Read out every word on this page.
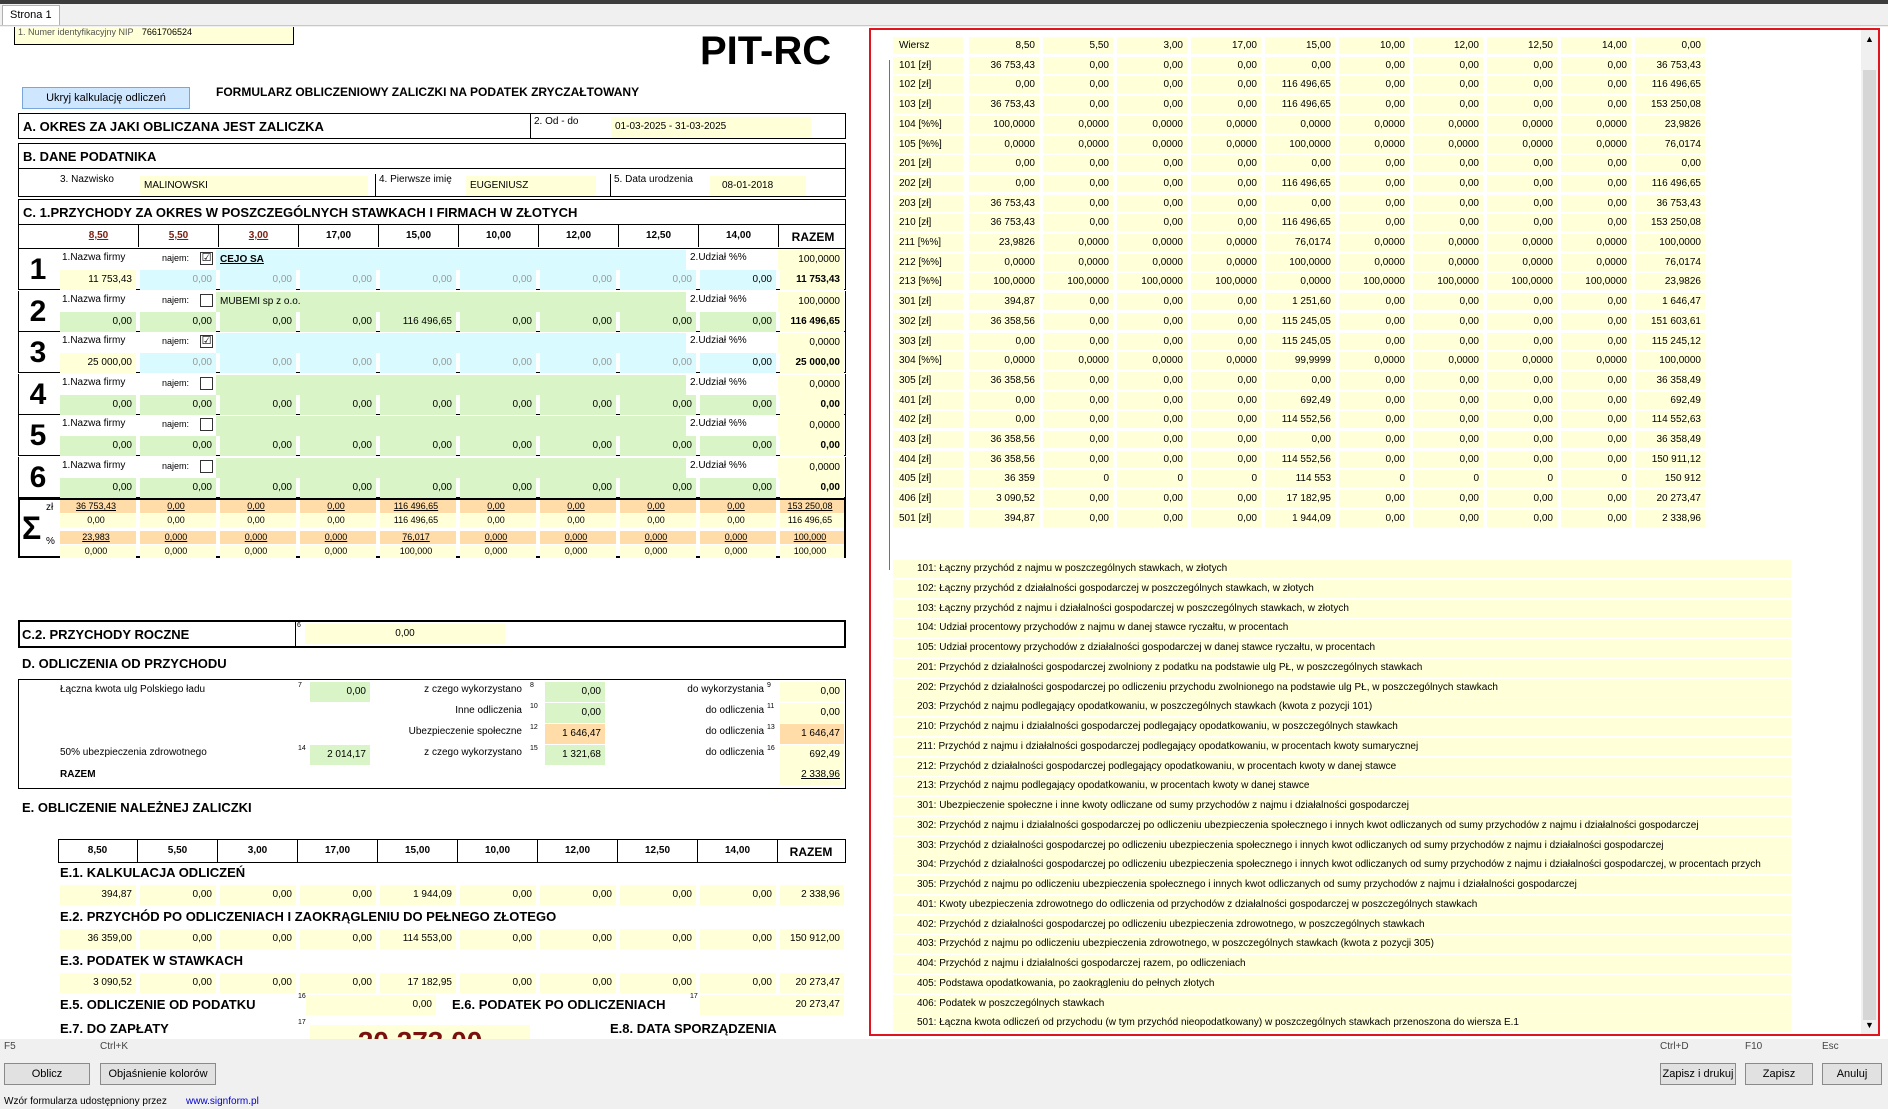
Strona 1
1. Numer identyfikacyjny NIP 7661706524	PIT-RC
Ukryj kalkulację odliczeń	FORMULARZ OBLICZENIOWY ZALICZKI NA PODATEK ZRYCZAŁTOWANY
A. OKRES ZA JAKI OBLICZANA JEST ZALICZKA	2. Od - do	01-03-2025 - 31-03-2025
B. DANE PODATNIKA
3. Nazwisko
MALINOWSKI
4. Pierwsze imię
EUGENIUSZ
5. Data urodzenia
08-01-2018
C. 1.PRZYCHODY ZA OKRES W POSZCZEGÓLNYCH STAWKACH I FIRMACH W ZŁOTYCH
8,50	5,50	3,00	17,00	15,00	10,00	12,00	12,50	14,00	RAZEM
C.2. PRZYCHODY ROCZNE
6
0,00
D. ODLICZENIA OD PRZYCHODU
E. OBLICZENIE NALEŻNEJ ZALICZKI
1	1.Nazwa firmy	najem: ☑ CEJO SA	2.Udział %%	100,0000
11 753,43	0,00	0,00	0,00	0,00	0,00	0,00	0,00	0,00	11 753,43
2	1.Nazwa firmy	najem:	MUBEMI sp z o.o.	2.Udział %%	100,0000
0,00	0,00	0,00	0,00	116 496,65	0,00	0,00	0,00	0,00	116 496,65
3	1.Nazwa firmy	najem: ☑	2.Udział %%	0,0000
25 000,00	0,00	0,00	0,00	0,00	0,00	0,00	0,00	0,00	25 000,00
4	1.Nazwa firmy	najem:	2.Udział %%	0,0000
0,00	0,00	0,00	0,00	0,00	0,00	0,00	0,00	0,00	0,00
5	1.Nazwa firmy	najem:	2.Udział %%	0,0000
0,00	0,00	0,00	0,00	0,00	0,00	0,00	0,00	0,00	0,00
6	1.Nazwa firmy	najem:	2.Udział %%	0,0000
0,00	0,00	0,00	0,00	0,00	0,00	0,00	0,00	0,00	0,00
Σ
zł
%
36 753,43	0,00	0,00	0,00	116 496,65	0,00	0,00	0,00	0,00	153 250,08
0,00	0,00	0,00	0,00	116 496,65	0,00	0,00	0,00	0,00	116 496,65
23,983	0,000	0,000	0,000	76,017	0,000	0,000	0,000	0,000	100,000
0,000	0,000	0,000	0,000	100,000	0,000	0,000	0,000	0,000	100,000
Łączna kwota ulg Polskiego ładu	7
0,00	z czego wykorzystano 8
0,00	do wykorzystania 9
0,00
Inne odliczenia 10
0,00	do odliczenia 11
0,00
Ubezpieczenie społeczne 12
1 646,47	do odliczenia 13
1 646,47
50% ubezpieczenia zdrowotnego	14
2 014,17	z czego wykorzystano 15
1 321,68	do odliczenia 16
692,49
RAZEM	2 338,96
8,50	5,50	3,00	17,00	15,00	10,00	12,00	12,50	14,00	RAZEM
E.1. KALKULACJA ODLICZEŃ
394,87	0,00	0,00	0,00	1 944,09	0,00	0,00	0,00	0,00	2 338,96
E.2. PRZYCHÓD PO ODLICZENIACH I ZAOKRĄGLENIU DO PEŁNEGO ZŁOTEGO
36 359,00	0,00	0,00	0,00	114 553,00	0,00	0,00	0,00	0,00	150 912,00
E.3. PODATEK W STAWKACH
3 090,52	0,00	0,00	0,00	17 182,95	0,00	0,00	0,00	0,00	20 273,47
E.5. ODLICZENIE OD PODATKU
16
0,00	E.6. PODATEK PO ODLICZENIACH
17
20 273,47
E.7. DO ZAPŁATY	17	E.8. DATA SPORZĄDZENIA
Wiersz	8,50	5,50	3,00	17,00	15,00	10,00	12,00	12,50	14,00	0,00
101 [zł]	36 753,43	0,00	0,00	0,00	0,00	0,00	0,00	0,00	0,00	36 753,43
102 [zł]	0,00	0,00	0,00	0,00	116 496,65	0,00	0,00	0,00	0,00	116 496,65
103 [zł]	36 753,43	0,00	0,00	0,00	116 496,65	0,00	0,00	0,00	0,00	153 250,08
104 [%%]	100,0000	0,0000	0,0000	0,0000	0,0000	0,0000	0,0000	0,0000	0,0000	23,9826
105 [%%]	0,0000	0,0000	0,0000	0,0000	100,0000	0,0000	0,0000	0,0000	0,0000	76,0174
201 [zł]	0,00	0,00	0,00	0,00	0,00	0,00	0,00	0,00	0,00	0,00
202 [zł]	0,00	0,00	0,00	0,00	116 496,65	0,00	0,00	0,00	0,00	116 496,65
203 [zł]	36 753,43	0,00	0,00	0,00	0,00	0,00	0,00	0,00	0,00	36 753,43
210 [zł]	36 753,43	0,00	0,00	0,00	116 496,65	0,00	0,00	0,00	0,00	153 250,08
211 [%%]	23,9826	0,0000	0,0000	0,0000	76,0174	0,0000	0,0000	0,0000	0,0000	100,0000
212 [%%]	0,0000	0,0000	0,0000	0,0000	100,0000	0,0000	0,0000	0,0000	0,0000	76,0174
213 [%%]	100,0000	100,0000	100,0000	100,0000	0,0000	100,0000	100,0000	100,0000	100,0000	23,9826
301 [zł]	394,87	0,00	0,00	0,00	1 251,60	0,00	0,00	0,00	0,00	1 646,47
302 [zł]	36 358,56	0,00	0,00	0,00	115 245,05	0,00	0,00	0,00	0,00	151 603,61
303 [zł]	0,00	0,00	0,00	0,00	115 245,05	0,00	0,00	0,00	0,00	115 245,12
304 [%%]	0,0000	0,0000	0,0000	0,0000	99,9999	0,0000	0,0000	0,0000	0,0000	100,0000
305 [zł]	36 358,56	0,00	0,00	0,00	0,00	0,00	0,00	0,00	0,00	36 358,49
401 [zł]	0,00	0,00	0,00	0,00	692,49	0,00	0,00	0,00	0,00	692,49
402 [zł]	0,00	0,00	0,00	0,00	114 552,56	0,00	0,00	0,00	0,00	114 552,63
403 [zł]	36 358,56	0,00	0,00	0,00	0,00	0,00	0,00	0,00	0,00	36 358,49
404 [zł]	36 358,56	0,00	0,00	0,00	114 552,56	0,00	0,00	0,00	0,00	150 911,12
405 [zł]	36 359	0	0	0	114 553	0	0	0	0	150 912
406 [zł]	3 090,52	0,00	0,00	0,00	17 182,95	0,00	0,00	0,00	0,00	20 273,47
501 [zł]	394,87	0,00	0,00	0,00	1 944,09	0,00	0,00	0,00	0,00	2 338,96
101: Łączny przychód z najmu w poszczególnych stawkach, w złotych
102: Łączny przychód z działalności gospodarczej w poszczególnych stawkach, w złotych
103: Łączny przychód z najmu i działalności gospodarczej w poszczególnych stawkach, w złotych
104: Udział procentowy przychodów z najmu w danej stawce ryczałtu, w procentach
105: Udział procentowy przychodów z działalności gospodarczej w danej stawce ryczałtu, w procentach
201: Przychód z działalności gospodarczej zwolniony z podatku na podstawie ulg PŁ, w poszczególnych stawkach
202: Przychód z działalności gospodarczej po odliczeniu przychodu zwolnionego na podstawie ulg PŁ, w poszczególnych stawkach
203: Przychód z najmu podlegający opodatkowaniu, w poszczególnych stawkach (kwota z pozycji 101)
210: Przychód z najmu i działalności gospodarczej podlegający opodatkowaniu, w poszczególnych stawkach
211: Przychód z najmu i działalności gospodarczej podlegający opodatkowaniu, w procentach kwoty sumarycznej
212: Przychód z działalności gospodarczej podlegający opodatkowaniu, w procentach kwoty w danej stawce
213: Przychód z najmu podlegający opodatkowaniu, w procentach kwoty w danej stawce
301: Ubezpieczenie społeczne i inne kwoty odliczane od sumy przychodów z najmu i działalności gospodarczej
302: Przychód z najmu i działalności gospodarczej po odliczeniu ubezpieczenia społecznego i innych kwot odliczanych od sumy przychodów z najmu i działalności gospodarczej
303: Przychód z działalności gospodarczej po odliczeniu ubezpieczenia społecznego i innych kwot odliczanych od sumy przychodów z najmu i działalności gospodarczej
304: Przychód z działalności gospodarczej po odliczeniu ubezpieczenia społecznego i innych kwot odliczanych od sumy przychodów z najmu i działalności gospodarczej, w procentach przych
305: Przychód z najmu po odliczeniu ubezpieczenia społecznego i innych kwot odliczanych od sumy przychodów z najmu i działalności gospodarczej
401: Kwoty ubezpieczenia zdrowotnego do odliczenia od przychodów z działalności gospodarczej w poszczególnych stawkach
402: Przychód z działalności gospodarczej po odliczeniu ubezpieczenia zdrowotnego, w poszczególnych stawkach
403: Przychód z najmu po odliczeniu ubezpieczenia zdrowotnego, w poszczególnych stawkach (kwota z pozycji 305)
404: Przychód z najmu i działalności gospodarczej razem, po odliczeniach
405: Podstawa opodatkowania, po zaokrągleniu do pełnych złotych
406: Podatek w poszczególnych stawkach
501: Łączna kwota odliczeń od przychodu (w tym przychód nieopodatkowany) w poszczególnych stawkach przenoszona do wiersza E.1
▲
▼
F5	Ctrl+K	Ctrl+D	F10	Esc
Oblicz	Objaśnienie kolorów	Zapisz i drukuj	Zapisz	Anuluj
Wzór formularza udostępniony przez www.signform.pl
